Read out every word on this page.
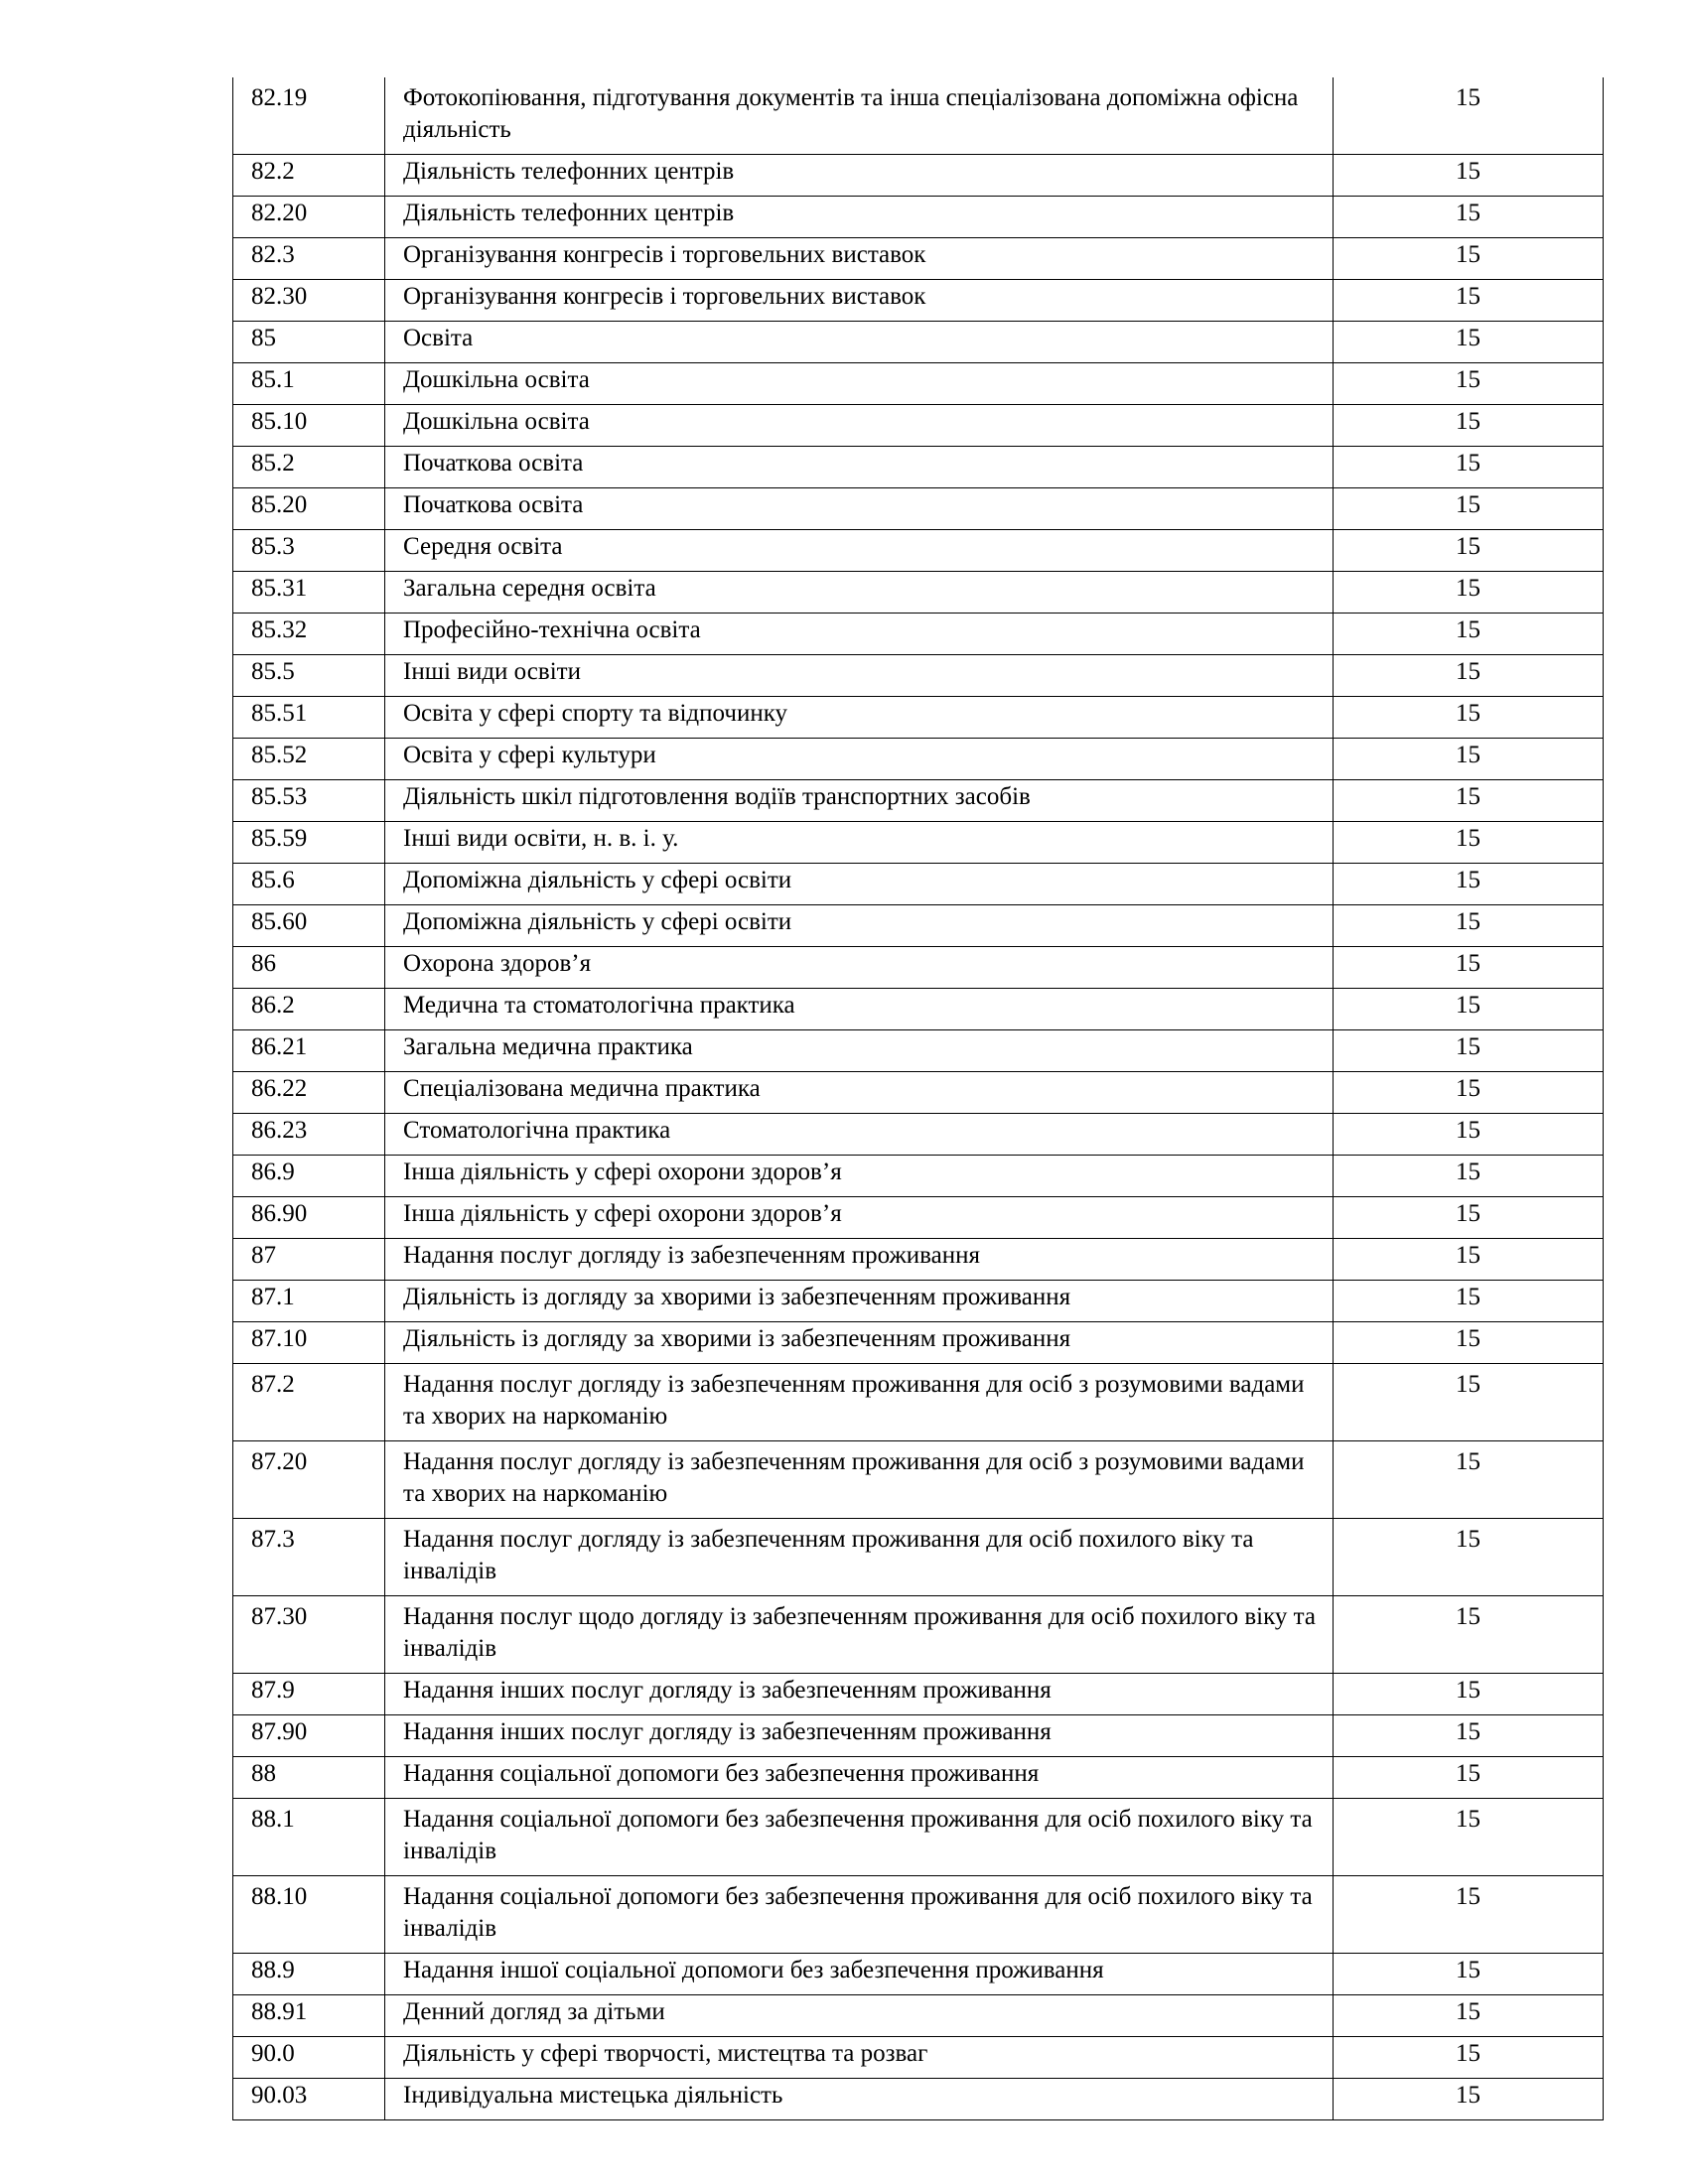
82.19	Фотокопіювання, підготування документів та інша спеціалізована допоміжна офісна діяльність	15
82.2	Діяльність телефонних центрів	15
82.20	Діяльність телефонних центрів	15
82.3	Організування конгресів і торговельних виставок	15
82.30	Організування конгресів і торговельних виставок	15
85	Освіта	15
85.1	Дошкільна освіта	15
85.10	Дошкільна освіта	15
85.2	Початкова освіта	15
85.20	Початкова освіта	15
85.3	Середня освіта	15
85.31	Загальна середня освіта	15
85.32	Професійно-технічна освіта	15
85.5	Інші види освіти	15
85.51	Освіта у сфері спорту та відпочинку	15
85.52	Освіта у сфері культури	15
85.53	Діяльність шкіл підготовлення водіїв транспортних засобів	15
85.59	Інші види освіти, н. в. і. у.	15
85.6	Допоміжна діяльність у сфері освіти	15
85.60	Допоміжна діяльність у сфері освіти	15
86	Охорона здоров’я	15
86.2	Медична та стоматологічна практика	15
86.21	Загальна медична практика	15
86.22	Спеціалізована медична практика	15
86.23	Стоматологічна практика	15
86.9	Інша діяльність у сфері охорони здоров’я	15
86.90	Інша діяльність у сфері охорони здоров’я	15
87	Надання послуг догляду із забезпеченням проживання	15
87.1	Діяльність із догляду за хворими із забезпеченням проживання	15
87.10	Діяльність із догляду за хворими із забезпеченням проживання	15
87.2	Надання послуг догляду із забезпеченням проживання для осіб з розумовими вадами та хворих на наркоманію	15
87.20	Надання послуг догляду із забезпеченням проживання для осіб з розумовими вадами та хворих на наркоманію	15
87.3	Надання послуг догляду із забезпеченням проживання для осіб похилого віку та інвалідів	15
87.30	Надання послуг щодо догляду із забезпеченням проживання для осіб похилого віку та інвалідів	15
87.9	Надання інших послуг догляду із забезпеченням проживання	15
87.90	Надання інших послуг догляду із забезпеченням проживання	15
88	Надання соціальної допомоги без забезпечення проживання	15
88.1	Надання соціальної допомоги без забезпечення проживання для осіб похилого віку та інвалідів	15
88.10	Надання соціальної допомоги без забезпечення проживання для осіб похилого віку та інвалідів	15
88.9	Надання іншої соціальної допомоги без забезпечення проживання	15
88.91	Денний догляд за дітьми	15
90.0	Діяльність у сфері творчості, мистецтва та розваг	15
90.03	Індивідуальна мистецька діяльність	15
